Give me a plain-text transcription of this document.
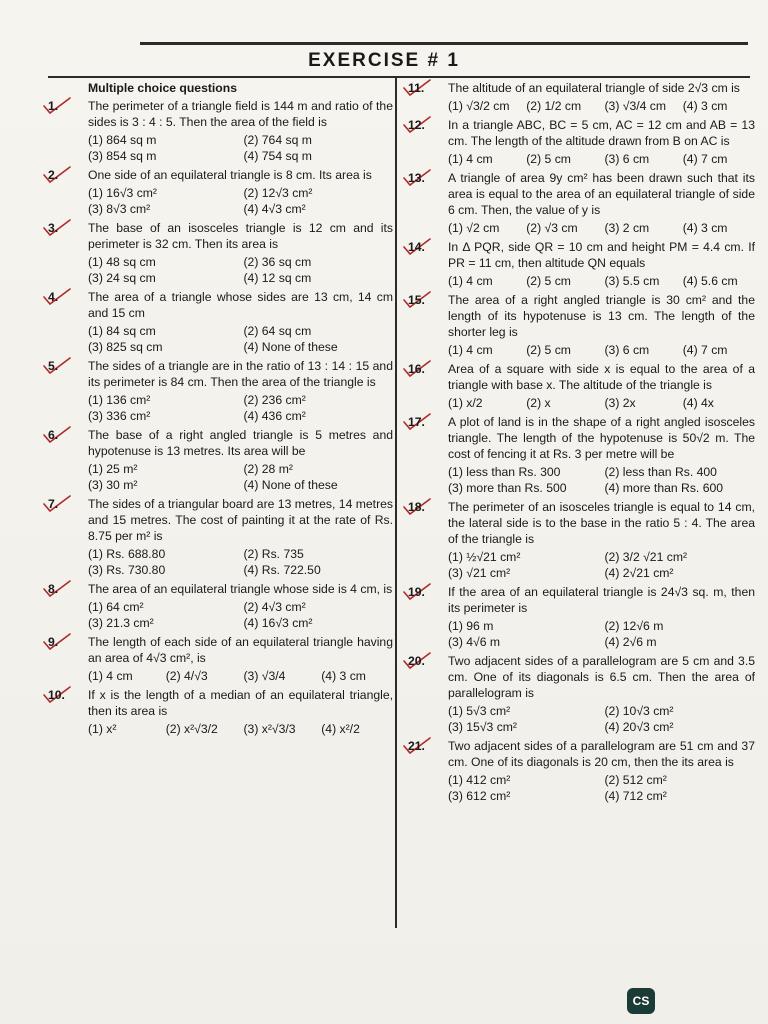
EXERCISE # 1
Multiple choice questions
1.	The perimeter of a triangle field is 144 m and ratio of the sides is 3 : 4 : 5. Then the area of the field is
(1) 864 sq m	(2) 764 sq m
(3) 854 sq m	(4) 754 sq m
2.	One side of an equilateral triangle is 8 cm. Its area is
(1) 16√3 cm²	(2) 12√3 cm²
(3) 8√3 cm²	(4) 4√3 cm²
3.	The base of an isosceles triangle is 12 cm and its perimeter is 32 cm. Then its area is
(1) 48 sq cm	(2) 36 sq cm
(3) 24 sq cm	(4) 12 sq cm
4.	The area of a triangle whose sides are 13 cm, 14 cm and 15 cm
(1) 84 sq cm	(2) 64 sq cm
(3) 825 sq cm	(4) None of these
5.	The sides of a triangle are in the ratio of 13 : 14 : 15 and its perimeter is 84 cm. Then the area of the triangle is
(1) 136 cm²	(2) 236 cm²
(3) 336 cm²	(4) 436 cm²
6.	The base of a right angled triangle is 5 metres and hypotenuse is 13 metres. Its area will be
(1) 25 m²	(2) 28 m²
(3) 30 m²	(4) None of these
7.	The sides of a triangular board are 13 metres, 14 metres and 15 metres. The cost of painting it at the rate of Rs. 8.75 per m² is
(1) Rs. 688.80	(2) Rs. 735
(3) Rs. 730.80	(4) Rs. 722.50
8.	The area of an equilateral triangle whose side is 4 cm, is
(1) 64 cm²	(2) 4√3 cm²
(3) 21.3 cm²	(4) 16√3 cm²
9.	The length of each side of an equilateral triangle having an area of 4√3 cm², is
(1) 4 cm	(2) 4/√3	(3) √3/4	(4) 3 cm
10.	If x is the length of a median of an equilateral triangle, then its area is
(1) x²	(2) x²√3/2	(3) x²√3/3	(4) x²/2
11.	The altitude of an equilateral triangle of side 2√3 cm is
(1) √3/2 cm	(2) 1/2 cm	(3) √3/4 cm	(4) 3 cm
12.	In a triangle ABC, BC = 5 cm, AC = 12 cm and AB = 13 cm. The length of the altitude drawn from B on AC is
(1) 4 cm	(2) 5 cm	(3) 6 cm	(4) 7 cm
13.	A triangle of area 9y cm² has been drawn such that its area is equal to the area of an equilateral triangle of side 6 cm. Then, the value of y is
(1) √2 cm	(2) √3 cm	(3) 2 cm	(4) 3 cm
14.	In Δ PQR, side QR = 10 cm and height PM = 4.4 cm. If PR = 11 cm, then altitude QN equals
(1) 4 cm	(2) 5 cm	(3) 5.5 cm	(4) 5.6 cm
15.	The area of a right angled triangle is 30 cm² and the length of its hypotenuse is 13 cm. The length of the shorter leg is
(1) 4 cm	(2) 5 cm	(3) 6 cm	(4) 7 cm
16.	Area of a square with side x is equal to the area of a triangle with base x. The altitude of the triangle is
(1) x/2	(2) x	(3) 2x	(4) 4x
17.	A plot of land is in the shape of a right angled isosceles triangle. The length of the hypotenuse is 50√2 m. The cost of fencing it at Rs. 3 per metre will be
(1) less than Rs. 300	(2) less than Rs. 400
(3) more than Rs. 500	(4) more than Rs. 600
18.	The perimeter of an isosceles triangle is equal to 14 cm, the lateral side is to the base in the ratio 5 : 4. The area of the triangle is
(1) ½√21 cm²	(2) 3/2 √21 cm²
(3) √21 cm²	(4) 2√21 cm²
19.	If the area of an equilateral triangle is 24√3 sq. m, then its perimeter is
(1) 96 m	(2) 12√6 m
(3) 4√6 m	(4) 2√6 m
20.	Two adjacent sides of a parallelogram are 5 cm and 3.5 cm. One of its diagonals is 6.5 cm. Then the area of parallelogram is
(1) 5√3 cm²	(2) 10√3 cm²
(3) 15√3 cm²	(4) 20√3 cm²
21.	Two adjacent sides of a parallelogram are 51 cm and 37 cm. One of its diagonals is 20 cm, then the its area is
(1) 412 cm²	(2) 512 cm²
(3) 612 cm²	(4) 712 cm²
CS
